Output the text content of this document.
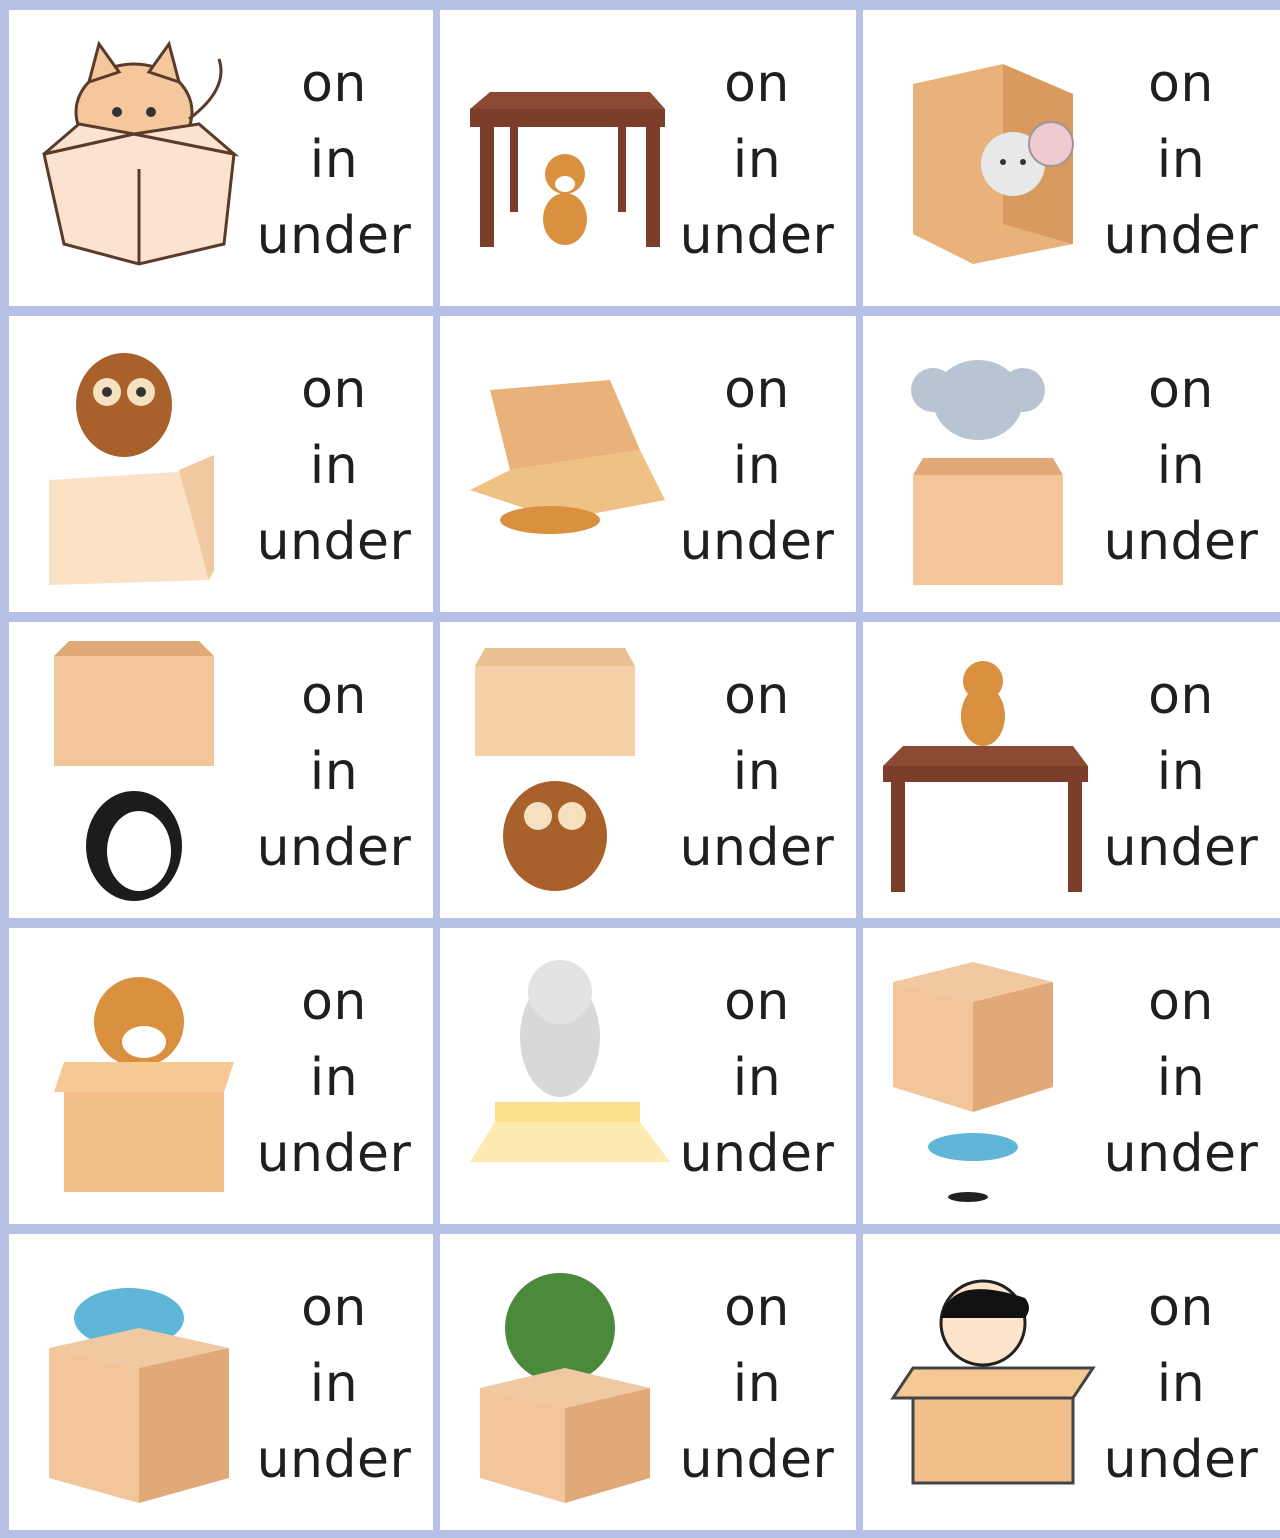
on
in
under
on
in
under
on
in
under
on
in
under
on
in
under
on
in
under
on
in
under
on
in
under
on
in
under
on
in
under
on
in
under
on
in
under
on
in
under
on
in
under
on
in
under
